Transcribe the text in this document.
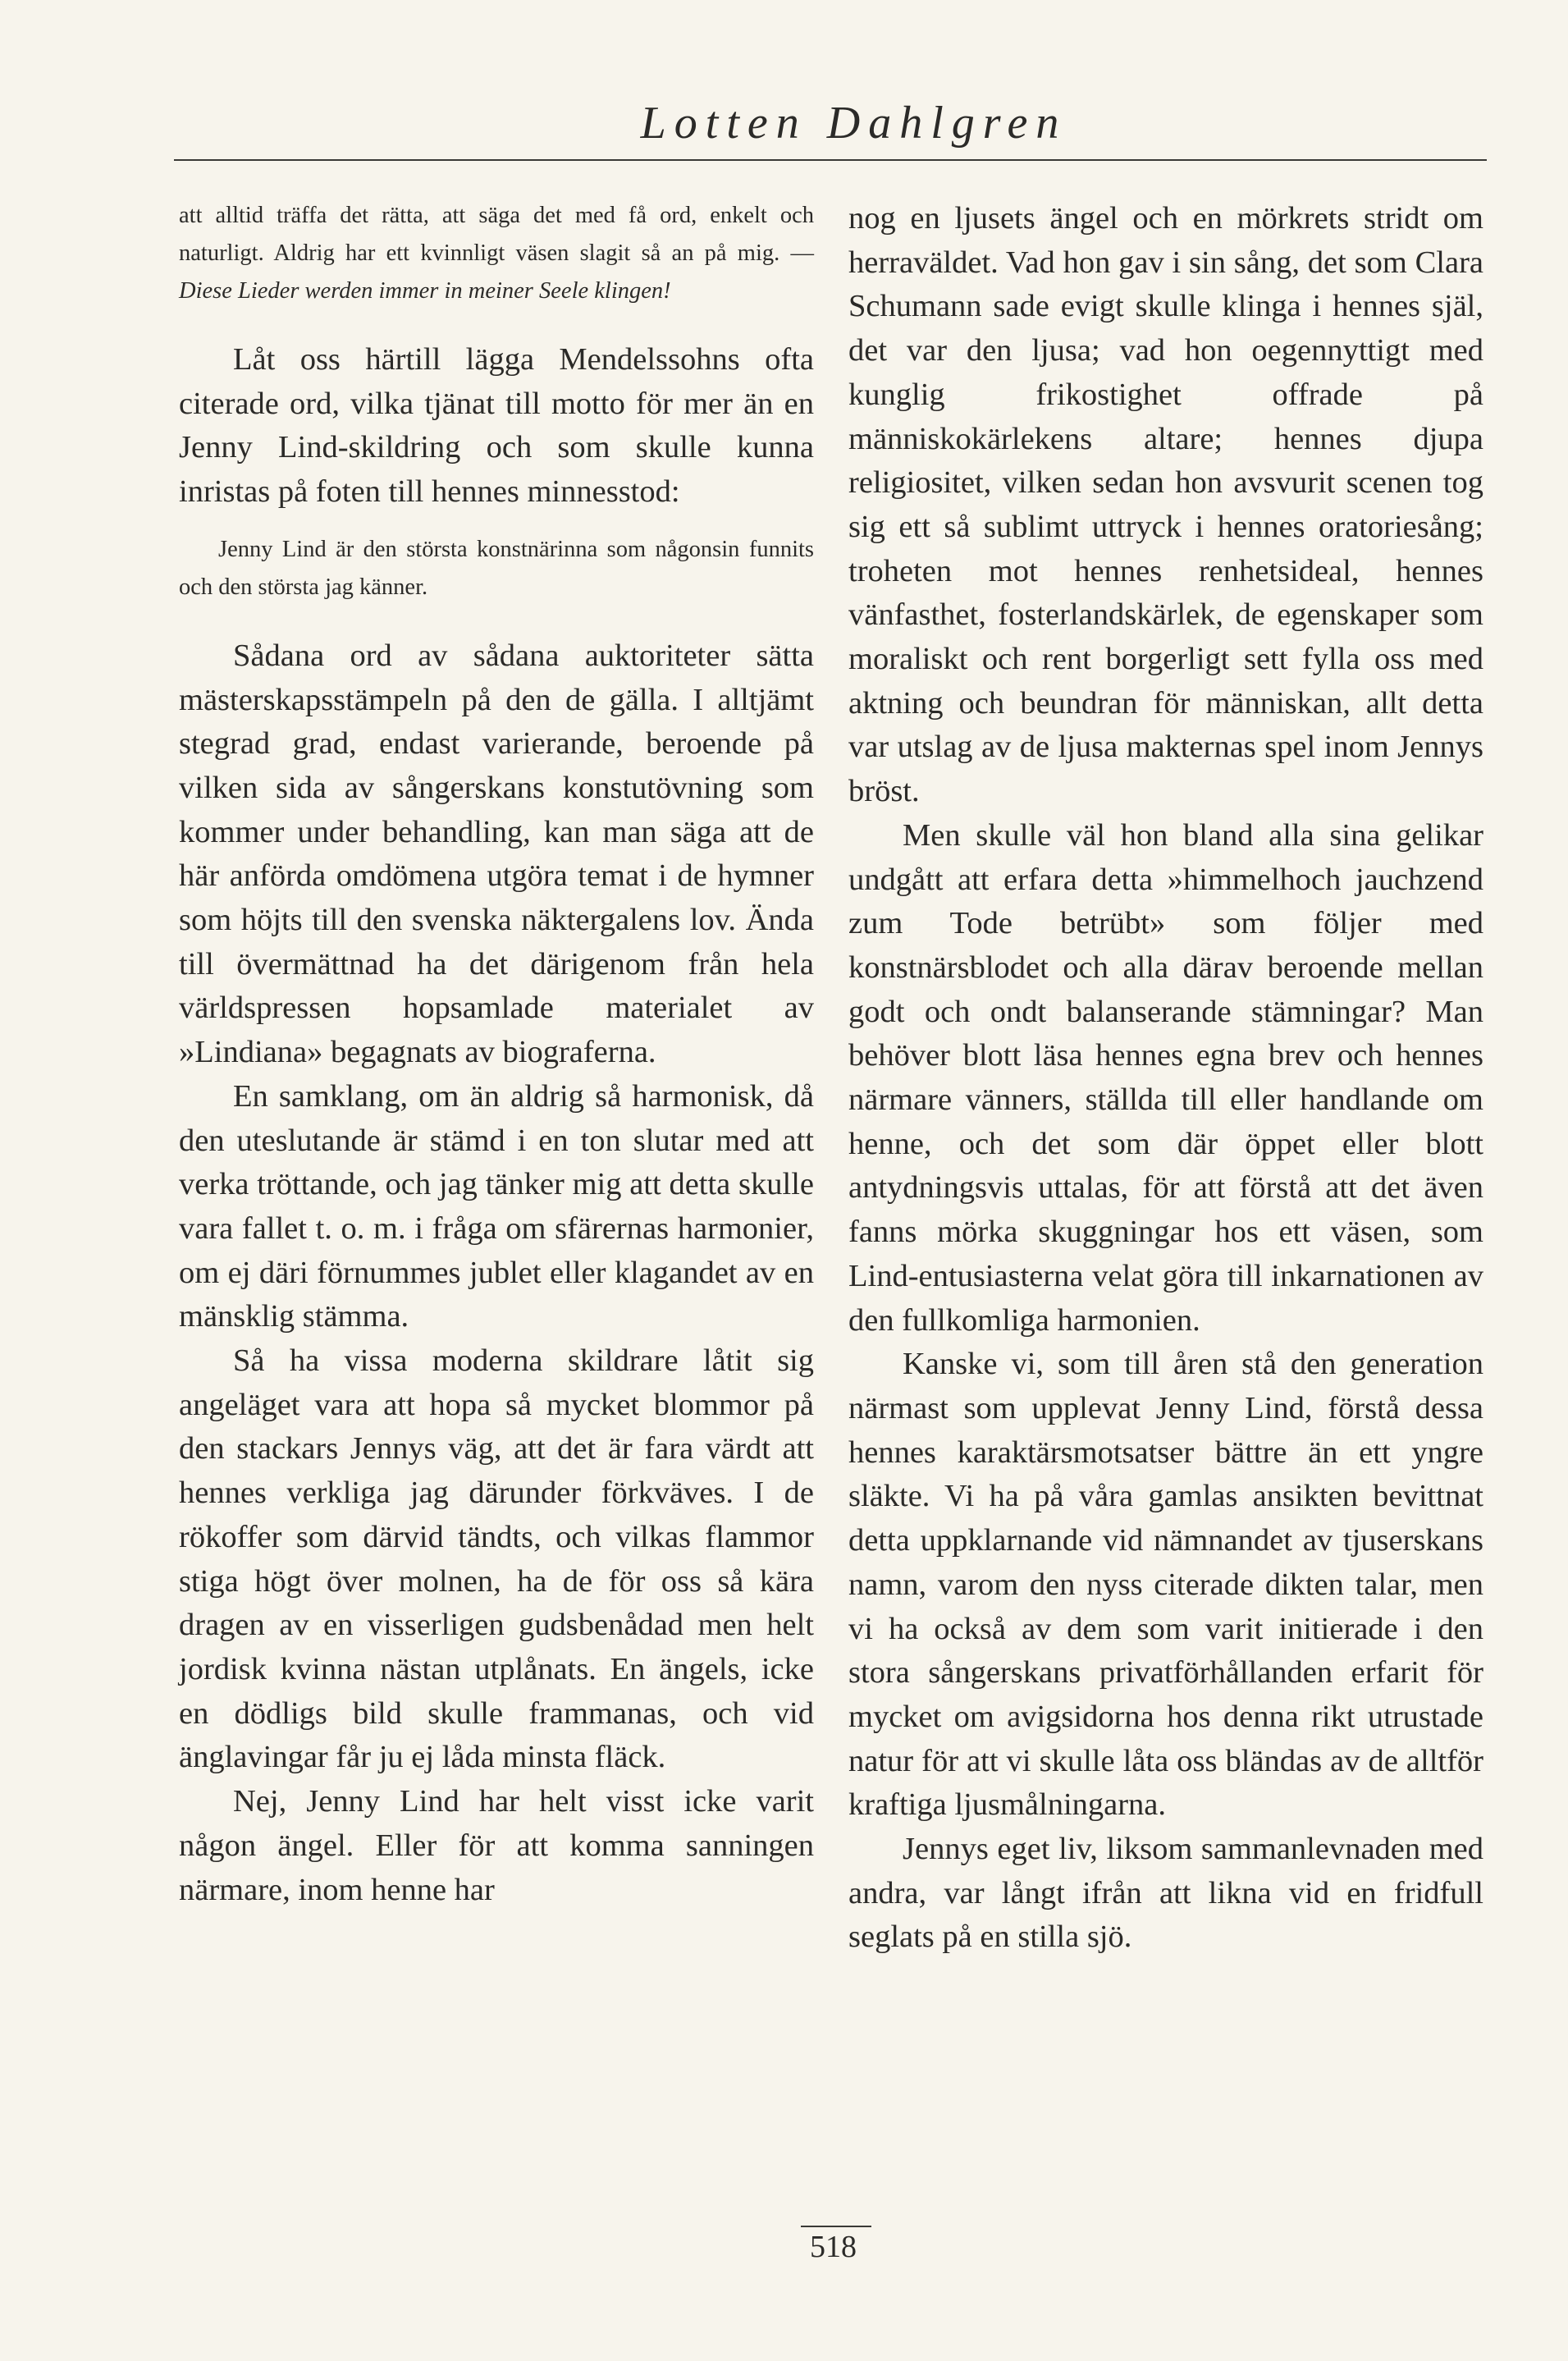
Lotten Dahlgren

att alltid träffa det rätta, att säga det med få ord, enkelt och naturligt. Aldrig har ett kvinnligt väsen slagit så an på mig. — Diese Lieder werden immer in meiner Seele klingen!

Låt oss härtill lägga Mendelssohns ofta citerade ord, vilka tjänat till motto för mer än en Jenny Lind-skildring och som skulle kunna inristas på foten till hennes minnesstod:

Jenny Lind är den största konstnärinna som någonsin funnits och den största jag känner.

Sådana ord av sådana auktoriteter sätta mästerskapsstämpeln på den de gälla. I alltjämt stegrad grad, endast varierande, beroende på vilken sida av sångerskans konstutövning som kommer under behandling, kan man säga att de här anförda omdömena utgöra temat i de hymner som höjts till den svenska näktergalens lov. Ända till övermättnad ha det därigenom från hela världspressen hopsamlade materialet av »Lindiana» begagnats av biograferna.

En samklang, om än aldrig så harmonisk, då den uteslutande är stämd i en ton slutar med att verka tröttande, och jag tänker mig att detta skulle vara fallet t. o. m. i fråga om sfärernas harmonier, om ej däri förnummes jublet eller klagandet av en mänsklig stämma.

Så ha vissa moderna skildrare låtit sig angeläget vara att hopa så mycket blommor på den stackars Jennys väg, att det är fara värdt att hennes verkliga jag därunder förkväves. I de rökoffer som därvid tändts, och vilkas flammor stiga högt över molnen, ha de för oss så kära dragen av en visserligen gudsbenådad men helt jordisk kvinna nästan utplånats. En ängels, icke en dödligs bild skulle frammanas, och vid änglavingar får ju ej låda minsta fläck.

Nej, Jenny Lind har helt visst icke varit någon ängel. Eller för att komma sanningen närmare, inom henne har

nog en ljusets ängel och en mörkrets stridt om herraväldet. Vad hon gav i sin sång, det som Clara Schumann sade evigt skulle klinga i hennes själ, det var den ljusa; vad hon oegennyttigt med kunglig frikostighet offrade på människokärlekens altare; hennes djupa religiositet, vilken sedan hon avsvurit scenen tog sig ett så sublimt uttryck i hennes oratoriesång; troheten mot hennes renhetsideal, hennes vänfasthet, fosterlandskärlek, de egenskaper som moraliskt och rent borgerligt sett fylla oss med aktning och beundran för människan, allt detta var utslag av de ljusa makternas spel inom Jennys bröst.

Men skulle väl hon bland alla sina gelikar undgått att erfara detta »himmelhoch jauchzend zum Tode betrübt» som följer med konstnärsblodet och alla därav beroende mellan godt och ondt balanserande stämningar? Man behöver blott läsa hennes egna brev och hennes närmare vänners, ställda till eller handlande om henne, och det som där öppet eller blott antydningsvis uttalas, för att förstå att det även fanns mörka skuggningar hos ett väsen, som Lind-entusiasterna velat göra till inkarnationen av den fullkomliga harmonien.

Kanske vi, som till åren stå den generation närmast som upplevat Jenny Lind, förstå dessa hennes karaktärsmotsatser bättre än ett yngre släkte. Vi ha på våra gamlas ansikten bevittnat detta uppklarnande vid nämnandet av tjuserskans namn, varom den nyss citerade dikten talar, men vi ha också av dem som varit initierade i den stora sångerskans privatförhållanden erfarit för mycket om avigsidorna hos denna rikt utrustade natur för att vi skulle låta oss bländas av de alltför kraftiga ljusmålningarna.

Jennys eget liv, liksom sammanlevnaden med andra, var långt ifrån att likna vid en fridfull seglats på en stilla sjö.

518
